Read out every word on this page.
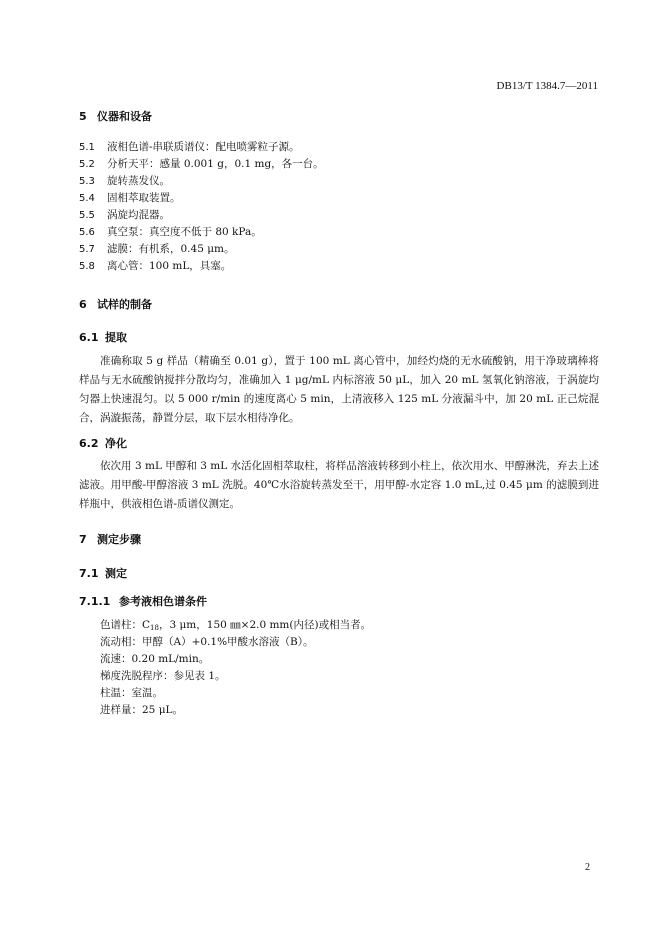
DB13/T 1384.7—2011
5 仪器和设备
5.1 液相色谱-串联质谱仪：配电喷雾粒子源。
5.2 分析天平：感量 0.001 g，0.1 mg，各一台。
5.3 旋转蒸发仪。
5.4 固相萃取装置。
5.5 涡旋均混器。
5.6 真空泵：真空度不低于 80 kPa。
5.7 滤膜：有机系，0.45 μm。
5.8 离心管：100 mL，具塞。
6 试样的制备
6.1 提取
准确称取 5 g 样品（精确至 0.01 g），置于 100 mL 离心管中，加经灼烧的无水硫酸钠，用干净玻璃棒将样品与无水硫酸钠搅拌分散均匀，准确加入 1 μg/mL 内标溶液 50 μL，加入 20 mL 氢氧化钠溶液，于涡旋均匀器上快速混匀。以 5 000 r/min 的速度离心 5 min，上清液移入 125 mL 分液漏斗中，加 20 mL 正己烷混合，涡漩振荡，静置分层，取下层水相待净化。
6.2 净化
依次用 3 mL 甲醇和 3 mL 水活化固相萃取柱，将样品溶液转移到小柱上，依次用水、甲醇淋洗，弃去上述滤液。用甲酸-甲醇溶液 3 mL 洗脱。40℃水浴旋转蒸发至干，用甲醇-水定容 1.0 mL,过 0.45 μm 的滤膜到进样瓶中，供液相色谱-质谱仪测定。
7 测定步骤
7.1 测定
7.1.1 参考液相色谱条件
色谱柱：$C_{18}$，3 μm，150 ㎜×2.0 mm(内径)或相当者。
流动相：甲醇（A）+0.1%甲酸水溶液（B）。
流速：0.20 mL/min。
梯度洗脱程序：参见表 1。
柱温：室温。
进样量：25 μL。
2
